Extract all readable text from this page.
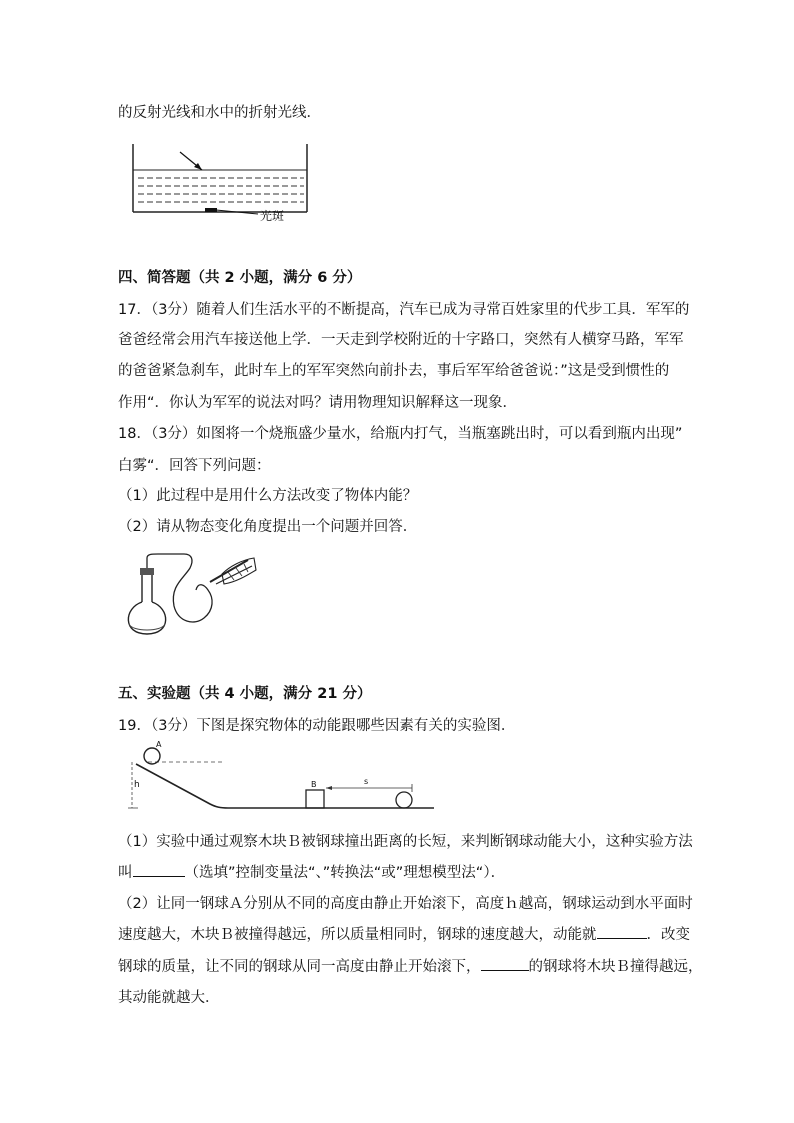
的反射光线和水中的折射光线．
光斑
四、简答题（共 2 小题，满分 6 分）
17．（3分）随着人们生活水平的不断提高，汽车已成为寻常百姓家里的代步工具．军军的
爸爸经常会用汽车接送他上学．一天走到学校附近的十字路口，突然有人横穿马路，军军
的爸爸紧急刹车，此时车上的军军突然向前扑去，事后军军给爸爸说：”这是受到惯性的
作用“．你认为军军的说法对吗？请用物理知识解释这一现象．
18．（3分）如图将一个烧瓶盛少量水，给瓶内打气，当瓶塞跳出时，可以看到瓶内出现”
白雾“．回答下列问题：
（1）此过程中是用什么方法改变了物体内能？
（2）请从物态变化角度提出一个问题并回答．
五、实验题（共 4 小题，满分 21 分）
19．（3分）下图是探究物体的动能跟哪些因素有关的实验图．
h
A
B	s
（1）实验中通过观察木块Ｂ被钢球撞出距离的长短，来判断钢球动能大小，这种实验方法
叫	（选填”控制变量法“、”转换法“或”理想模型法“）．
（2）让同一钢球Ａ分别从不同的高度由静止开始滚下，高度ｈ越高，钢球运动到水平面时
速度越大，木块Ｂ被撞得越远，所以质量相同时，钢球的速度越大，动能就	．改变
钢球的质量，让不同的钢球从同一高度由静止开始滚下，	的钢球将木块Ｂ撞得越远，
其动能就越大．
